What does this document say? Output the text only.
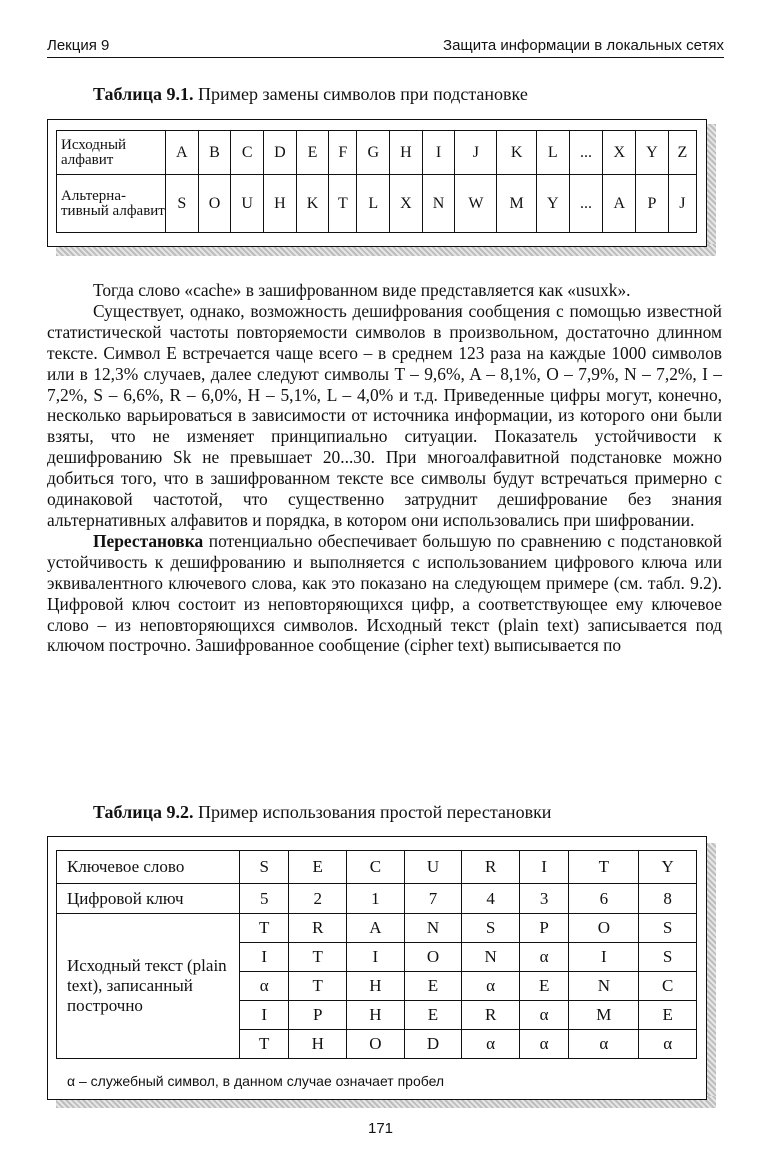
Лекция 9	Защита информации в локальных сетях
Таблица 9.1. Пример замены символов при подстановке
Исходный алфавит	A	B	C	D	E	F	G	H	I	J	K	L	...	X	Y	Z
Альтерна-тивный алфавит	S	O	U	H	K	T	L	X	N	W	M	Y	...	A	P	J

Тогда слово «cache» в зашифрованном виде представляется как «usuxk».

Существует, однако, возможность дешифрования сообщения с помощью известной статистической частоты повторяемости символов в произвольном, достаточно длинном тексте. Символ E встречается чаще всего – в среднем 123 раза на каждые 1000 символов или в 12,3% случаев, далее следуют символы T – 9,6%, A – 8,1%, O – 7,9%, N – 7,2%, I – 7,2%, S – 6,6%, R – 6,0%, H – 5,1%, L – 4,0% и т.д. Приведенные цифры могут, конечно, несколько варьироваться в зависимости от источника информации, из которого они были взяты, что не изменяет принципиально ситуации. Показатель устойчивости к дешифрованию Sk не превышает 20...30. При многоалфавитной подстановке можно добиться того, что в зашифрованном тексте все символы будут встречаться примерно с одинаковой частотой, что существенно затруднит дешифрование без знания альтернативных алфавитов и порядка, в котором они использовались при шифровании.

Перестановка потенциально обеспечивает большую по сравнению с подстановкой устойчивость к дешифрованию и выполняется с использованием цифрового ключа или эквивалентного ключевого слова, как это показано на следующем примере (см. табл. 9.2). Цифровой ключ состоит из неповторяющихся цифр, а соответствующее ему ключевое слово – из неповторяющихся символов. Исходный текст (plain text) записывается под ключом построчно. Зашифрованное сообщение (cipher text) выписывается по

Таблица 9.2. Пример использования простой перестановки
Ключевое слово	S	E	C	U	R	I	T	Y
Цифровой ключ	5	2	1	7	4	3	6	8
Исходный текст (plain text), записанный построчно	T	R	A	N	S	P	O	S
	I	T	I	O	N	α	I	S
	α	T	H	E	α	E	N	C
	I	P	H	E	R	α	M	E
	T	H	O	D	α	α	α	α
α – служебный символ, в данном случае означает пробел
171
